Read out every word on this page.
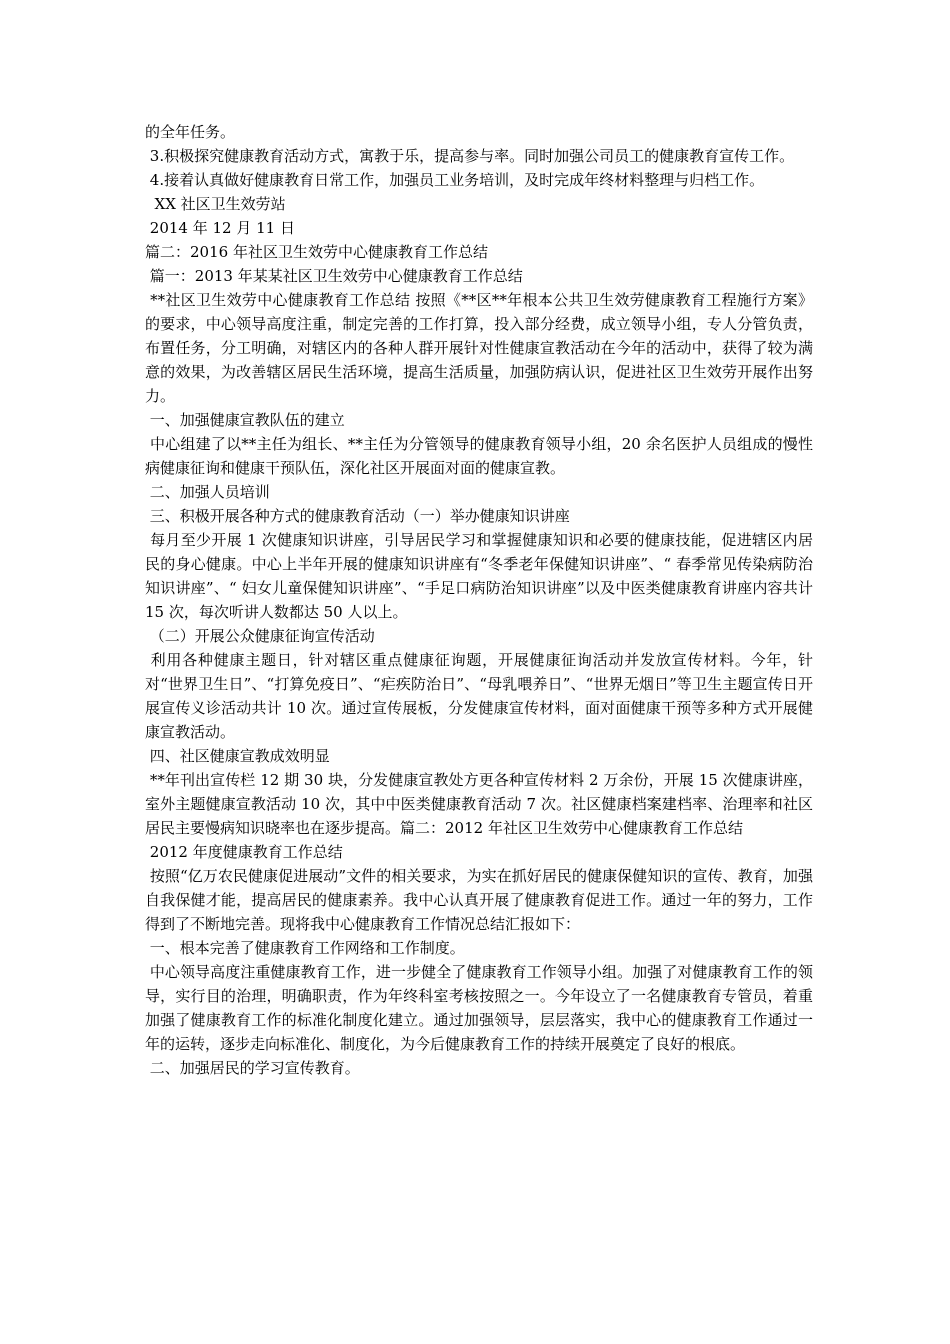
的全年任务。

3.积极探究健康教育活动方式，寓教于乐，提高参与率。同时加强公司员工的健康教育宣传工作。

4.接着认真做好健康教育日常工作，加强员工业务培训，及时完成年终材料整理与归档工作。

XX 社区卫生效劳站

2014 年 12 月 11 日

篇二：2016 年社区卫生效劳中心健康教育工作总结

篇一：2013 年某某社区卫生效劳中心健康教育工作总结

**社区卫生效劳中心健康教育工作总结 按照《**区**年根本公共卫生效劳健康教育工程施行方案》的要求，中心领导高度注重，制定完善的工作打算，投入部分经费，成立领导小组，专人分管负责，布置任务，分工明确，对辖区内的各种人群开展针对性健康宣教活动在今年的活动中，获得了较为满意的效果，为改善辖区居民生活环境，提高生活质量，加强防病认识，促进社区卫生效劳开展作出努力。

一、加强健康宣教队伍的建立

中心组建了以**主任为组长、**主任为分管领导的健康教育领导小组，20 余名医护人员组成的慢性病健康征询和健康干预队伍，深化社区开展面对面的健康宣教。

二、加强人员培训

三、积极开展各种方式的健康教育活动（一）举办健康知识讲座

每月至少开展 1 次健康知识讲座，引导居民学习和掌握健康知识和必要的健康技能，促进辖区内居民的身心健康。中心上半年开展的健康知识讲座有“冬季老年保健知识讲座”、“ 春季常见传染病防治知识讲座”、“ 妇女儿童保健知识讲座”、“手足口病防治知识讲座”以及中医类健康教育讲座内容共计 15 次，每次听讲人数都达 50 人以上。

（二）开展公众健康征询宣传活动

利用各种健康主题日，针对辖区重点健康征询题，开展健康征询活动并发放宣传材料。今年，针对“世界卫生日”、“打算免疫日”、“疟疾防治日”、“母乳喂养日”、“世界无烟日”等卫生主题宣传日开展宣传义诊活动共计 10 次。通过宣传展板，分发健康宣传材料，面对面健康干预等多种方式开展健康宣教活动。

四、社区健康宣教成效明显

**年刊出宣传栏 12 期 30 块，分发健康宣教处方更各种宣传材料 2 万余份，开展 15 次健康讲座，室外主题健康宣教活动 10 次，其中中医类健康教育活动 7 次。社区健康档案建档率、治理率和社区居民主要慢病知识晓率也在逐步提高。篇二：2012 年社区卫生效劳中心健康教育工作总结

2012 年度健康教育工作总结

按照“亿万农民健康促进展动”文件的相关要求，为实在抓好居民的健康保健知识的宣传、教育，加强自我保健才能，提高居民的健康素养。我中心认真开展了健康教育促进工作。通过一年的努力，工作得到了不断地完善。现将我中心健康教育工作情况总结汇报如下：

一、根本完善了健康教育工作网络和工作制度。

中心领导高度注重健康教育工作，进一步健全了健康教育工作领导小组。加强了对健康教育工作的领导，实行目的治理，明确职责，作为年终科室考核按照之一。今年设立了一名健康教育专管员，着重加强了健康教育工作的标准化制度化建立。通过加强领导，层层落实，我中心的健康教育工作通过一年的运转，逐步走向标准化、制度化，为今后健康教育工作的持续开展奠定了良好的根底。

二、加强居民的学习宣传教育。
